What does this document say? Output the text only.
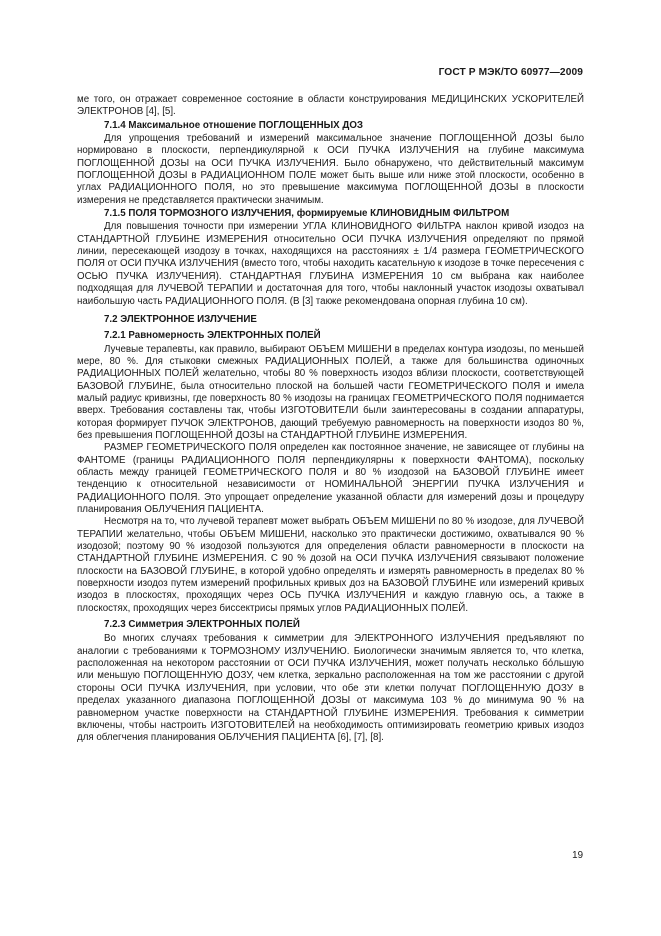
ГОСТ Р МЭК/ТО 60977—2009

ме того, он отражает современное состояние в области конструирования МЕДИЦИНСКИХ УСКОРИТЕЛЕЙ ЭЛЕКТРОНОВ [4], [5].

7.1.4 Максимальное отношение ПОГЛОЩЕННЫХ ДОЗ

Для упрощения требований и измерений максимальное значение ПОГЛОЩЕННОЙ ДОЗЫ было нормировано в плоскости, перпендикулярной к ОСИ ПУЧКА ИЗЛУЧЕНИЯ на глубине максимума ПОГЛОЩЕННОЙ ДОЗЫ на ОСИ ПУЧКА ИЗЛУЧЕНИЯ. Было обнаружено, что действительный максимум ПОГЛОЩЕННОЙ ДОЗЫ в РАДИАЦИОННОМ ПОЛЕ может быть выше или ниже этой плоскости, особенно в углах РАДИАЦИОННОГО ПОЛЯ, но это превышение максимума ПОГЛОЩЕННОЙ ДОЗЫ в плоскости измерения не представляется практически значимым.

7.1.5 ПОЛЯ ТОРМОЗНОГО ИЗЛУЧЕНИЯ, формируемые КЛИНОВИДНЫМ ФИЛЬТРОМ

Для повышения точности при измерении УГЛА КЛИНОВИДНОГО ФИЛЬТРА наклон кривой изодоз на СТАНДАРТНОЙ ГЛУБИНЕ ИЗМЕРЕНИЯ относительно ОСИ ПУЧКА ИЗЛУЧЕНИЯ определяют по прямой линии, пересекающей изодозу в точках, находящихся на расстояниях ± 1/4 размера ГЕОМЕТРИЧЕСКОГО ПОЛЯ от ОСИ ПУЧКА ИЗЛУЧЕНИЯ (вместо того, чтобы находить касательную к изодозе в точке пересечения с ОСЬЮ ПУЧКА ИЗЛУЧЕНИЯ). СТАНДАРТНАЯ ГЛУБИНА ИЗМЕРЕНИЯ 10 см выбрана как наиболее подходящая для ЛУЧЕВОЙ ТЕРАПИИ и достаточная для того, чтобы наклонный участок изодозы охватывал наибольшую часть РАДИАЦИОННОГО ПОЛЯ. (В [3] также рекомендована опорная глубина 10 см).

7.2 ЭЛЕКТРОННОЕ ИЗЛУЧЕНИЕ
7.2.1 Равномерность ЭЛЕКТРОННЫХ ПОЛЕЙ

Лучевые терапевты, как правило, выбирают ОБЪЕМ МИШЕНИ в пределах контура изодозы, по меньшей мере, 80 %. Для стыковки смежных РАДИАЦИОННЫХ ПОЛЕЙ, а также для большинства одиночных РАДИАЦИОННЫХ ПОЛЕЙ желательно, чтобы 80 % поверхность изодоз вблизи плоскости, соответствующей БАЗОВОЙ ГЛУБИНЕ, была относительно плоской на большей части ГЕОМЕТРИЧЕСКОГО ПОЛЯ и имела малый радиус кривизны, где поверхность 80 % изодозы на границах ГЕОМЕТРИЧЕСКОГО ПОЛЯ поднимается вверх. Требования составлены так, чтобы ИЗГОТОВИТЕЛИ были заинтересованы в создании аппаратуры, которая формирует ПУЧОК ЭЛЕКТРОНОВ, дающий требуемую равномерность на поверхности изодоз 80 %, без превышения ПОГЛОЩЕННОЙ ДОЗЫ на СТАНДАРТНОЙ ГЛУБИНЕ ИЗМЕРЕНИЯ.

РАЗМЕР ГЕОМЕТРИЧЕСКОГО ПОЛЯ определен как постоянное значение, не зависящее от глубины на ФАНТОМЕ (границы РАДИАЦИОННОГО ПОЛЯ перпендикулярны к поверхности ФАНТОМА), поскольку область между границей ГЕОМЕТРИЧЕСКОГО ПОЛЯ и 80 % изодозой на БАЗОВОЙ ГЛУБИНЕ имеет тенденцию к относительной независимости от НОМИНАЛЬНОЙ ЭНЕРГИИ ПУЧКА ИЗЛУЧЕНИЯ и РАДИАЦИОННОГО ПОЛЯ. Это упрощает определение указанной области для измерений дозы и процедуру планирования ОБЛУЧЕНИЯ ПАЦИЕНТА.

Несмотря на то, что лучевой терапевт может выбрать ОБЪЕМ МИШЕНИ по 80 % изодозе, для ЛУЧЕВОЙ ТЕРАПИИ желательно, чтобы ОБЪЕМ МИШЕНИ, насколько это практически достижимо, охватывался 90 % изодозой; поэтому 90 % изодозой пользуются для определения области равномерности в плоскости на СТАНДАРТНОЙ ГЛУБИНЕ ИЗМЕРЕНИЯ. С 90 % дозой на ОСИ ПУЧКА ИЗЛУЧЕНИЯ связывают положение плоскости на БАЗОВОЙ ГЛУБИНЕ, в которой удобно определять и измерять равномерность в пределах 80 % поверхности изодоз путем измерений профильных кривых доз на БАЗОВОЙ ГЛУБИНЕ или измерений кривых изодоз в плоскостях, проходящих через ОСЬ ПУЧКА ИЗЛУЧЕНИЯ и каждую главную ось, а также в плоскостях, проходящих через биссектрисы прямых углов РАДИАЦИОННЫХ ПОЛЕЙ.

7.2.3 Симметрия ЭЛЕКТРОННЫХ ПОЛЕЙ

Во многих случаях требования к симметрии для ЭЛЕКТРОННОГО ИЗЛУЧЕНИЯ предъявляют по аналогии с требованиями к ТОРМОЗНОМУ ИЗЛУЧЕНИЮ. Биологически значимым является то, что клетка, расположенная на некотором расстоянии от ОСИ ПУЧКА ИЗЛУЧЕНИЯ, может получать несколько бóльшую или меньшую ПОГЛОЩЕННУЮ ДОЗУ, чем клетка, зеркально расположенная на том же расстоянии с другой стороны ОСИ ПУЧКА ИЗЛУЧЕНИЯ, при условии, что обе эти клетки получат ПОГЛОЩЕННУЮ ДОЗУ в пределах указанного диапазона ПОГЛОЩЕННОЙ ДОЗЫ от максимума 103 % до минимума 90 % на равномерном участке поверхности на СТАНДАРТНОЙ ГЛУБИНЕ ИЗМЕРЕНИЯ. Требования к симметрии включены, чтобы настроить ИЗГОТОВИТЕЛЕЙ на необходимость оптимизировать геометрию кривых изодоз для облегчения планирования ОБЛУЧЕНИЯ ПАЦИЕНТА [6], [7], [8].

19
